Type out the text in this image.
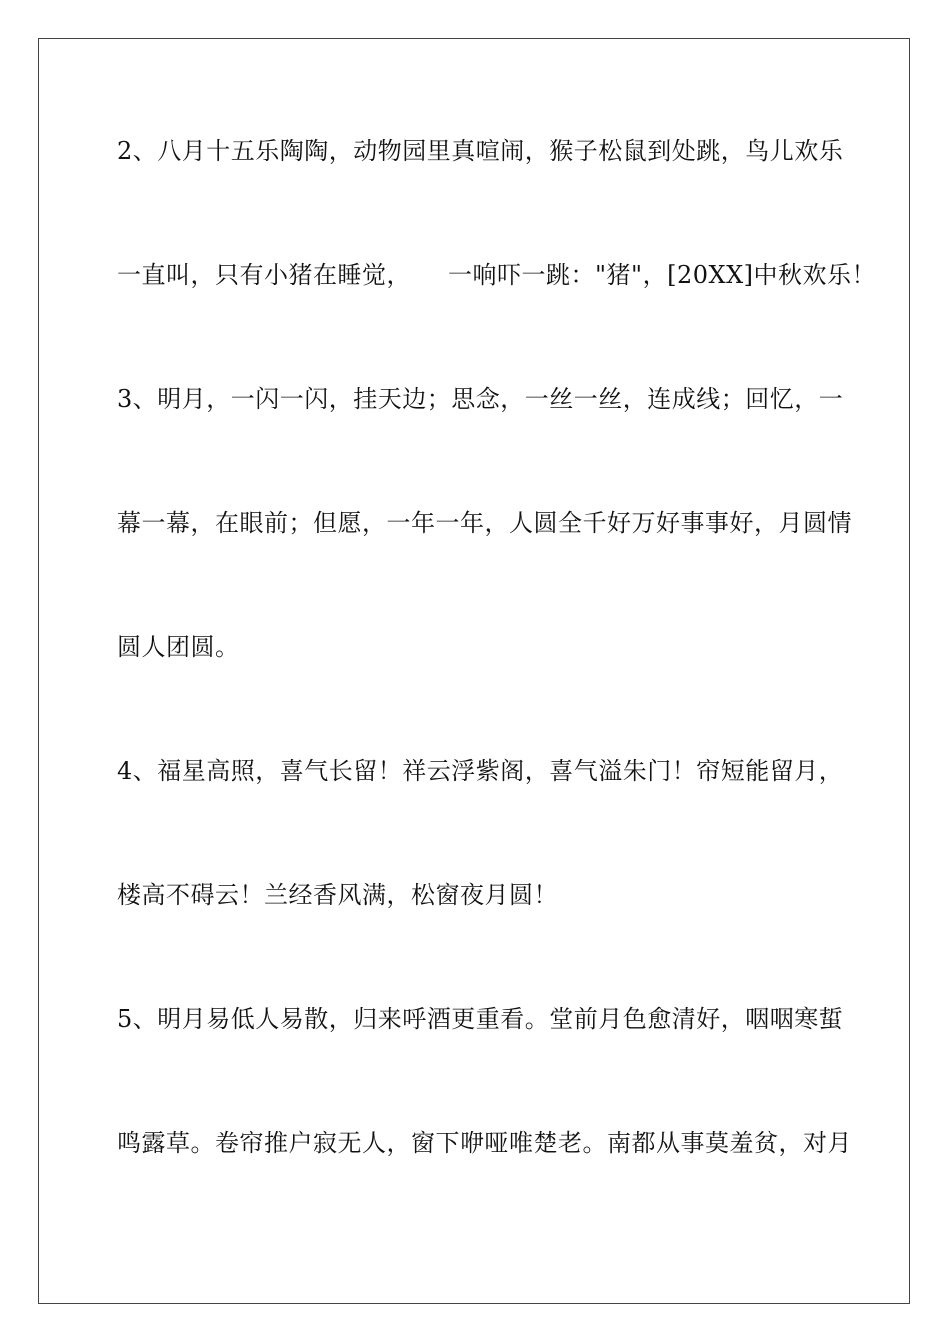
2、八月十五乐陶陶，动物园里真喧闹，猴子松鼠到处跳，鸟儿欢乐
一直叫，只有小猪在睡觉，　　一响吓一跳："猪"，[20XX]中秋欢乐！
3、明月，一闪一闪，挂天边；思念，一丝一丝，连成线；回忆，一
幕一幕，在眼前；但愿，一年一年，人圆全千好万好事事好，月圆情
圆人团圆。
4、福星高照，喜气长留！祥云浮紫阁，喜气溢朱门！帘短能留月，
楼高不碍云！兰经香风满，松窗夜月圆！
5、明月易低人易散，归来呼酒更重看。堂前月色愈清好，咽咽寒蜇
鸣露草。卷帘推户寂无人，窗下咿哑唯楚老。南都从事莫羞贫，对月
